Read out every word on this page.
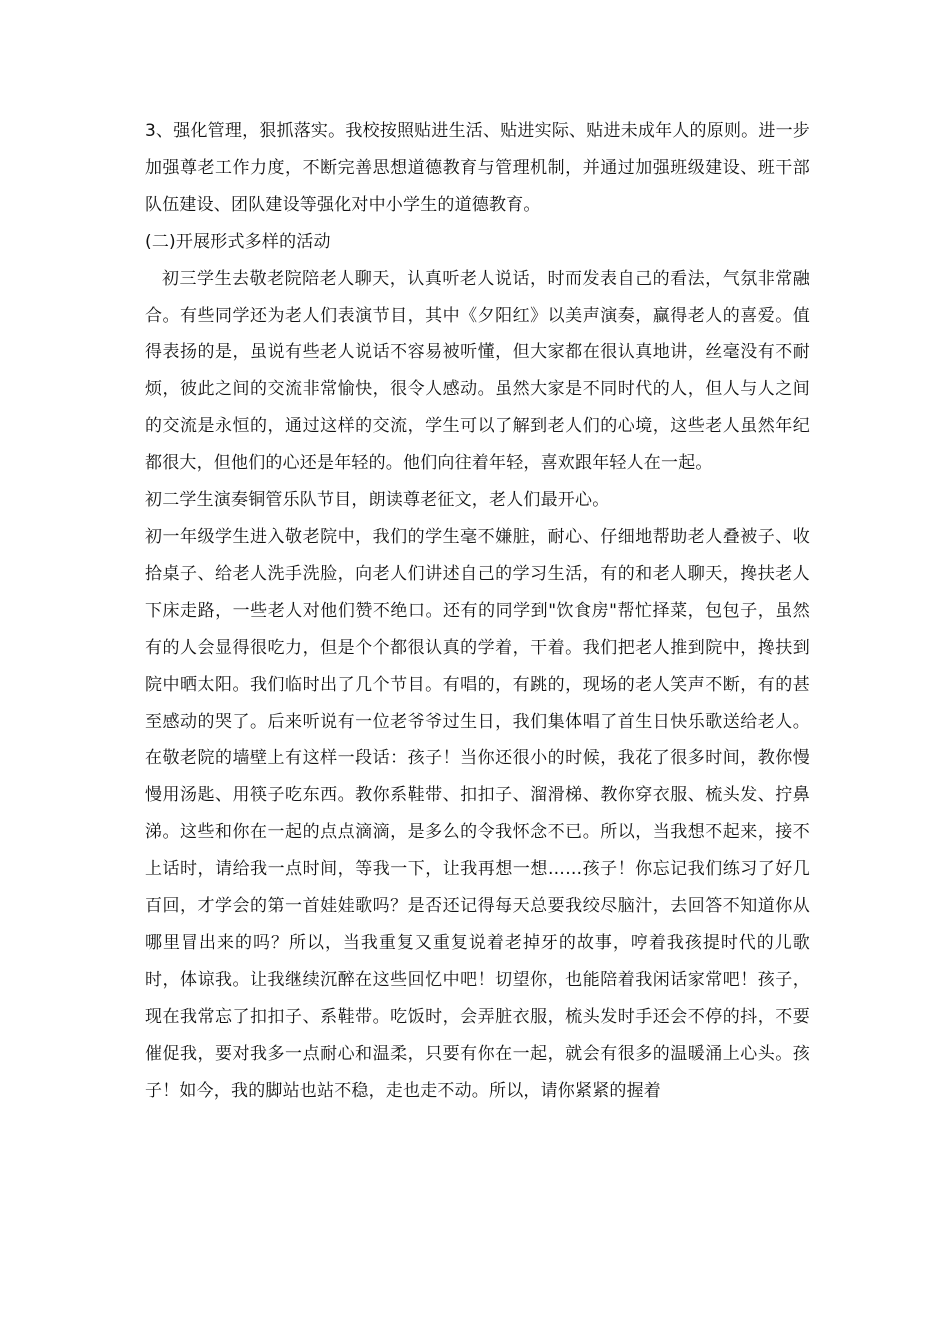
3、强化管理，狠抓落实。我校按照贴进生活、贴进实际、贴进未成年人的原则。进一步加强尊老工作力度，不断完善思想道德教育与管理机制，并通过加强班级建设、班干部队伍建设、团队建设等强化对中小学生的道德教育。

(二)开展形式多样的活动

初三学生去敬老院陪老人聊天，认真听老人说话，时而发表自己的看法，气氛非常融合。有些同学还为老人们表演节目，其中《夕阳红》以美声演奏，赢得老人的喜爱。值得表扬的是，虽说有些老人说话不容易被听懂，但大家都在很认真地讲，丝毫没有不耐烦，彼此之间的交流非常愉快，很令人感动。虽然大家是不同时代的人，但人与人之间的交流是永恒的，通过这样的交流，学生可以了解到老人们的心境，这些老人虽然年纪都很大，但他们的心还是年轻的。他们向往着年轻，喜欢跟年轻人在一起。

初二学生演奏铜管乐队节目，朗读尊老征文，老人们最开心。

初一年级学生进入敬老院中，我们的学生毫不嫌脏，耐心、仔细地帮助老人叠被子、收拾桌子、给老人洗手洗脸，向老人们讲述自己的学习生活，有的和老人聊天，搀扶老人下床走路，一些老人对他们赞不绝口。还有的同学到"饮食房"帮忙择菜，包包子，虽然有的人会显得很吃力，但是个个都很认真的学着，干着。我们把老人推到院中，搀扶到院中晒太阳。我们临时出了几个节目。有唱的，有跳的，现场的老人笑声不断，有的甚至感动的哭了。后来听说有一位老爷爷过生日，我们集体唱了首生日快乐歌送给老人。在敬老院的墙壁上有这样一段话：孩子！当你还很小的时候，我花了很多时间，教你慢慢用汤匙、用筷子吃东西。教你系鞋带、扣扣子、溜滑梯、教你穿衣服、梳头发、拧鼻涕。这些和你在一起的点点滴滴，是多么的令我怀念不已。所以，当我想不起来，接不上话时，请给我一点时间，等我一下，让我再想一想……孩子！你忘记我们练习了好几百回，才学会的第一首娃娃歌吗？是否还记得每天总要我绞尽脑汁，去回答不知道你从哪里冒出来的吗？所以，当我重复又重复说着老掉牙的故事，哼着我孩提时代的儿歌时，体谅我。让我继续沉醉在这些回忆中吧！切望你，也能陪着我闲话家常吧！孩子，现在我常忘了扣扣子、系鞋带。吃饭时，会弄脏衣服，梳头发时手还会不停的抖，不要催促我，要对我多一点耐心和温柔，只要有你在一起，就会有很多的温暖涌上心头。孩子！如今，我的脚站也站不稳，走也走不动。所以，请你紧紧的握着
